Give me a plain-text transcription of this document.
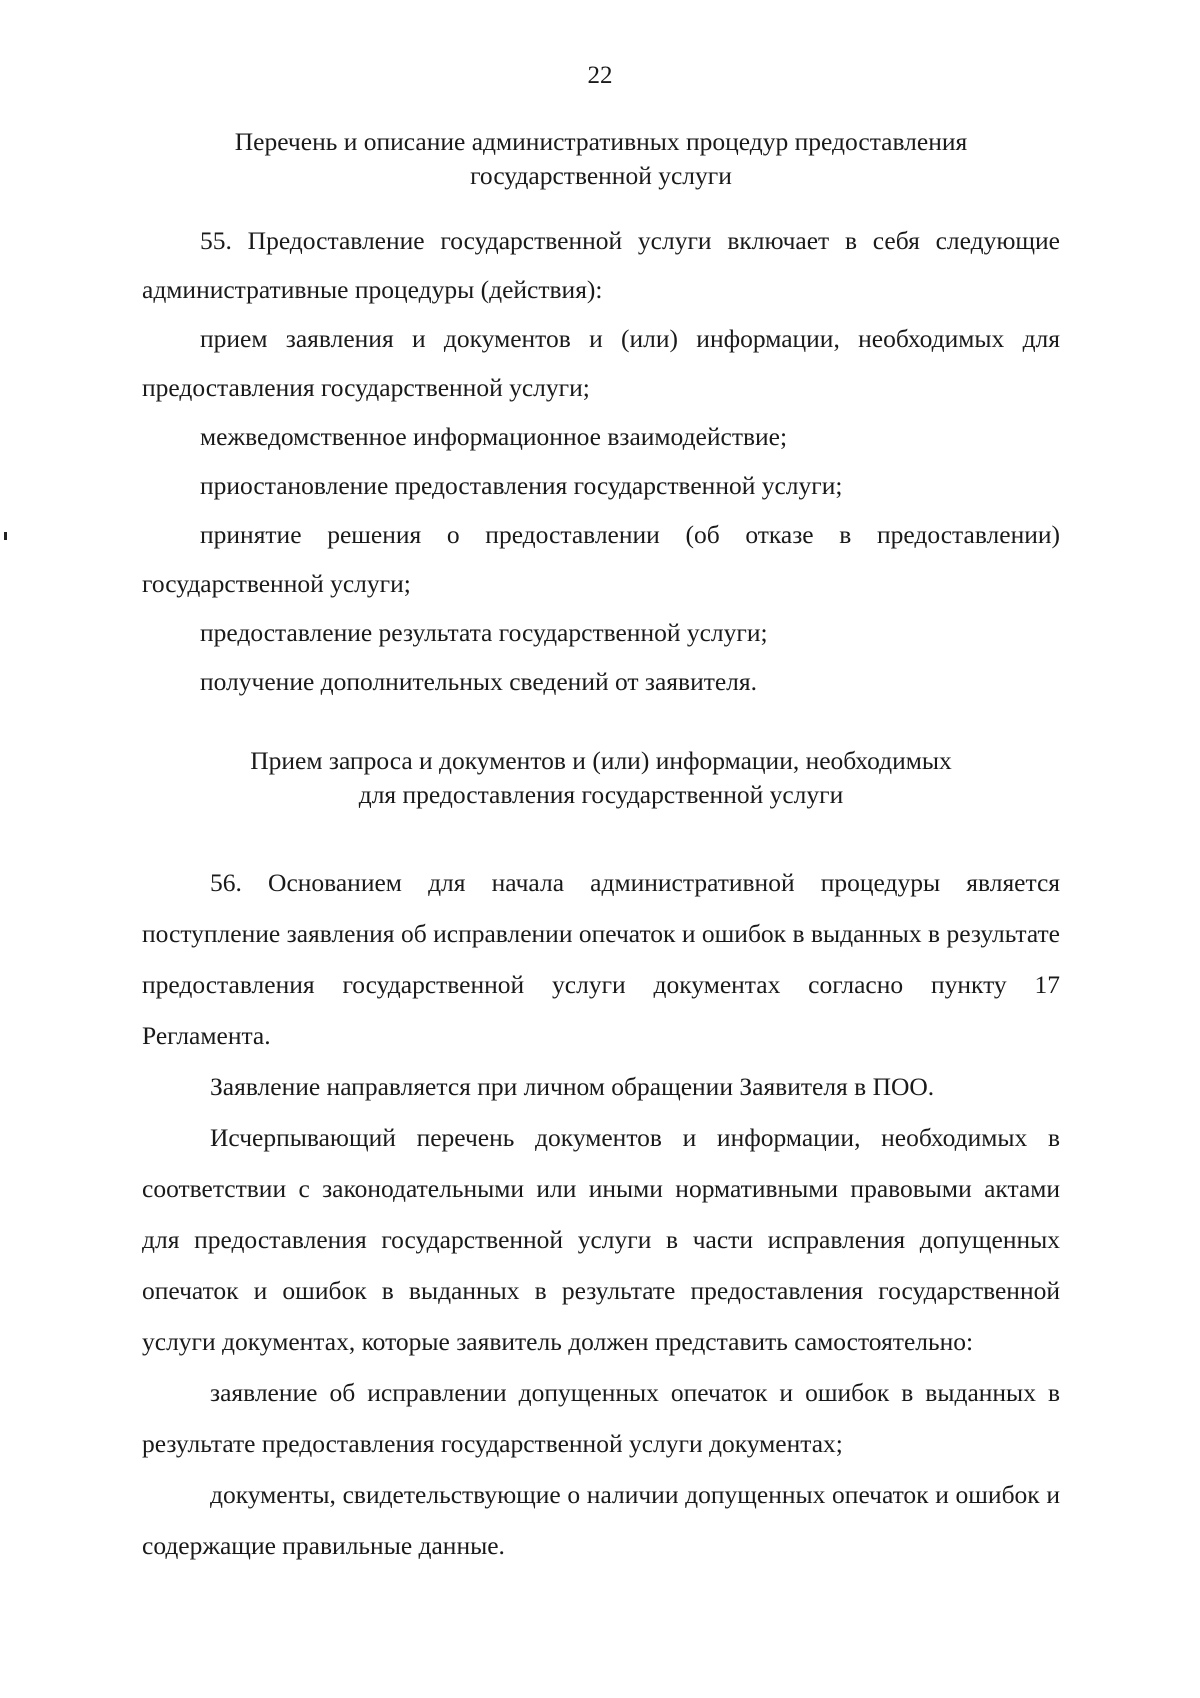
22
Перечень и описание административных процедур предоставления
государственной услуги

55. Предоставление государственной услуги включает в себя следующие административные процедуры (действия):

прием заявления и документов и (или) информации, необходимых для предоставления государственной услуги;

межведомственное информационное взаимодействие;

приостановление предоставления государственной услуги;

принятие решения о предоставлении (об отказе в предоставлении) государственной услуги;

предоставление результата государственной услуги;

получение дополнительных сведений от заявителя.

Прием запроса и документов и (или) информации, необходимых
для предоставления государственной услуги

56. Основанием для начала административной процедуры является поступление заявления об исправлении опечаток и ошибок в выданных в результате предоставления государственной услуги документах согласно пункту 17 Регламента.

Заявление направляется при личном обращении Заявителя в ПОО.

Исчерпывающий перечень документов и информации, необходимых в соответствии с законодательными или иными нормативными правовыми актами для предоставления государственной услуги в части исправления допущенных опечаток и ошибок в выданных в результате предоставления государственной услуги документах, которые заявитель должен представить самостоятельно:

заявление об исправлении допущенных опечаток и ошибок в выданных в результате предоставления государственной услуги документах;

документы, свидетельствующие о наличии допущенных опечаток и ошибок и содержащие правильные данные.
